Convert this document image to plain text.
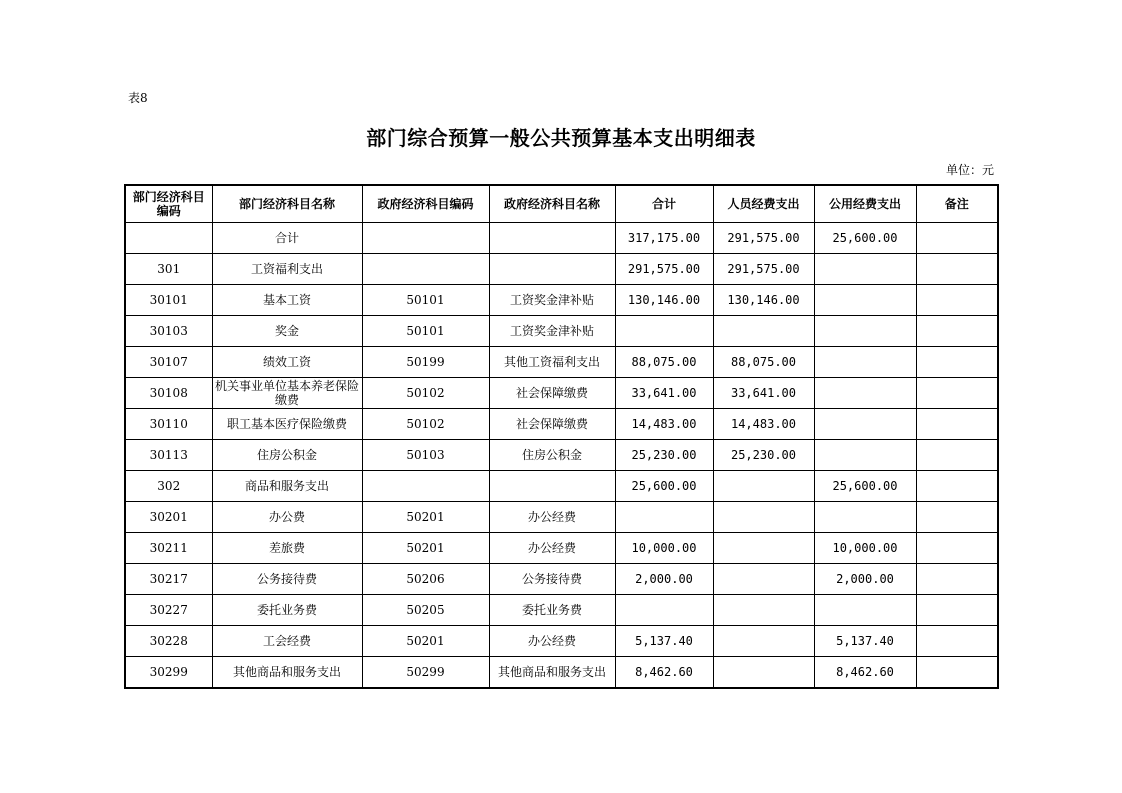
表8
部门综合预算一般公共预算基本支出明细表
单位：元
部门经济科目编码	部门经济科目名称	政府经济科目编码	政府经济科目名称	合计	人员经费支出	公用经费支出	备注
	合计			317,175.00	291,575.00	25,600.00	
301	工资福利支出			291,575.00	291,575.00		
30101	基本工资	50101	工资奖金津补贴	130,146.00	130,146.00		
30103	奖金	50101	工资奖金津补贴				
30107	绩效工资	50199	其他工资福利支出	88,075.00	88,075.00		
30108	机关事业单位基本养老保险缴费	50102	社会保障缴费	33,641.00	33,641.00		
30110	职工基本医疗保险缴费	50102	社会保障缴费	14,483.00	14,483.00		
30113	住房公积金	50103	住房公积金	25,230.00	25,230.00		
302	商品和服务支出			25,600.00		25,600.00	
30201	办公费	50201	办公经费				
30211	差旅费	50201	办公经费	10,000.00		10,000.00	
30217	公务接待费	50206	公务接待费	2,000.00		2,000.00	
30227	委托业务费	50205	委托业务费				
30228	工会经费	50201	办公经费	5,137.40		5,137.40	
30299	其他商品和服务支出	50299	其他商品和服务支出	8,462.60		8,462.60	
